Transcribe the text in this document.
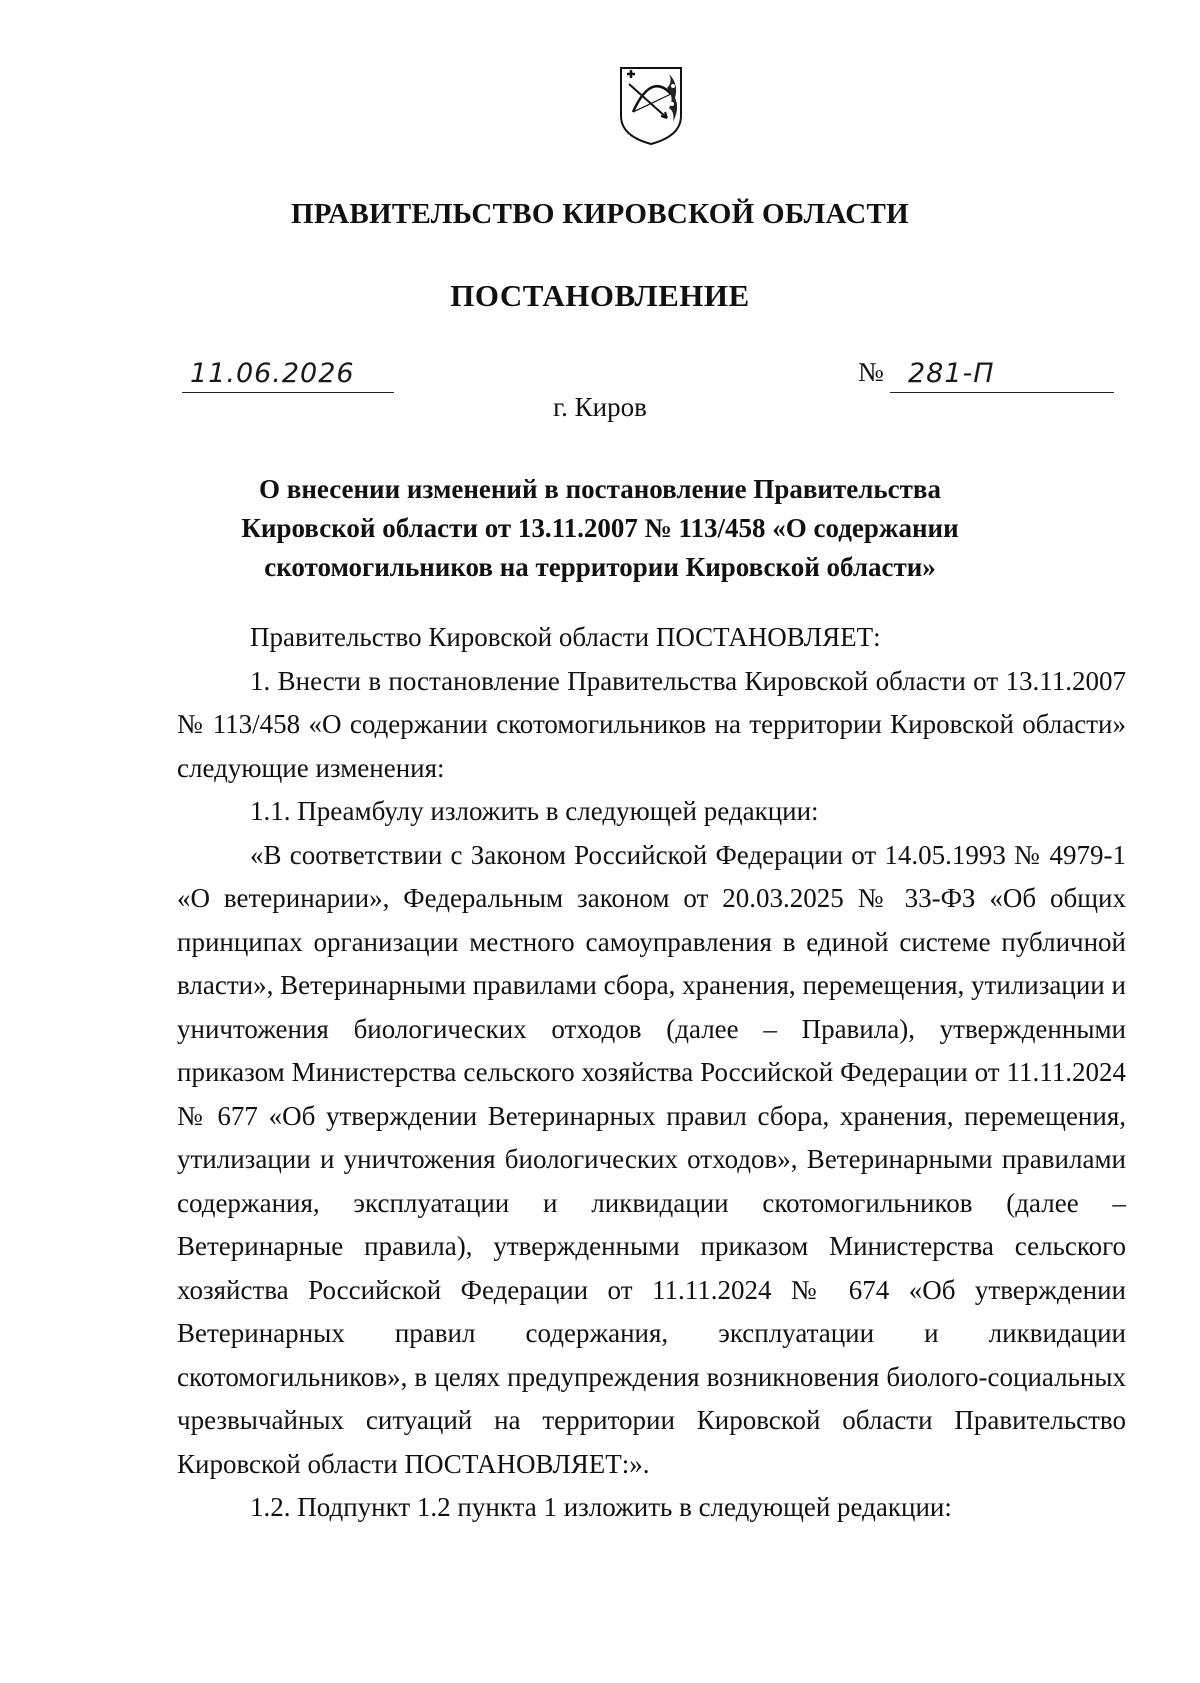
ПРАВИТЕЛЬСТВО КИРОВСКОЙ ОБЛАСТИ
ПОСТАНОВЛЕНИЕ
11.06.2026	№ 281-П
г. Киров
О внесении изменений в постановление Правительства Кировской области от 13.11.2007 № 113/458 «О содержании скотомогильников на территории Кировской области»

Правительство Кировской области ПОСТАНОВЛЯЕТ:

1. Внести в постановление Правительства Кировской области от 13.11.2007 № 113/458 «О содержании скотомогильников на территории Кировской области» следующие изменения:

1.1. Преамбулу изложить в следующей редакции:

«В соответствии с Законом Российской Федерации от 14.05.1993 № 4979-1 «О ветеринарии», Федеральным законом от 20.03.2025 № 33-ФЗ «Об общих принципах организации местного самоуправления в единой системе публичной власти», Ветеринарными правилами сбора, хранения, перемещения, утилизации и уничтожения биологических отходов (далее – Правила), утвержденными приказом Министерства сельского хозяйства Российской Федерации от 11.11.2024 № 677 «Об утверждении Ветеринарных правил сбора, хранения, перемещения, утилизации и уничтожения биологических отходов», Ветеринарными правилами содержания, эксплуатации и ликвидации скотомогильников (далее – Ветеринарные правила), утвержденными приказом Министерства сельского хозяйства Российской Федерации от 11.11.2024 № 674 «Об утверждении Ветеринарных правил содержания, эксплуатации и ликвидации скотомогильников», в целях предупреждения возникновения биолого-социальных чрезвычайных ситуаций на территории Кировской области Правительство Кировской области ПОСТАНОВЛЯЕТ:».

1.2. Подпункт 1.2 пункта 1 изложить в следующей редакции:
